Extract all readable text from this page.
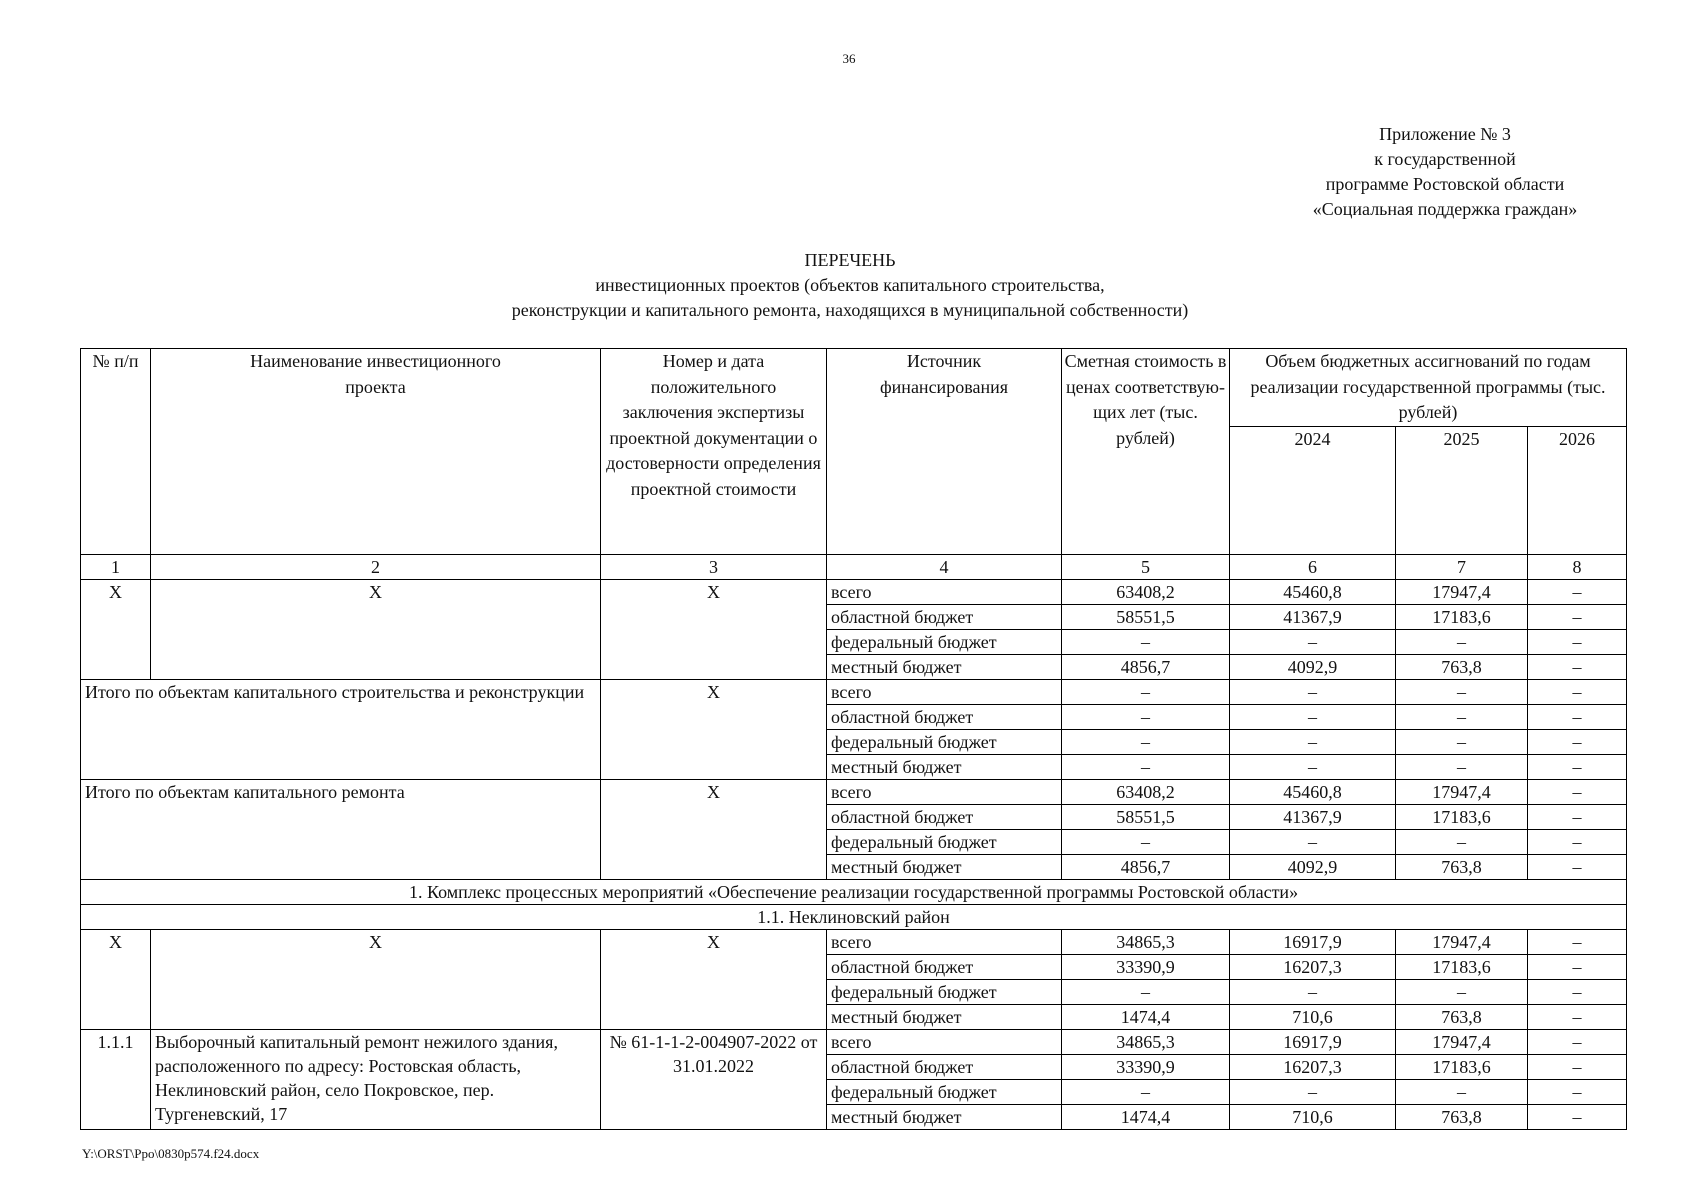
36
Приложение № 3
к государственной
программе Ростовской области
«Социальная поддержка граждан»
ПЕРЕЧЕНЬ
инвестиционных проектов (объектов капитального строительства,
реконструкции и капитального ремонта, находящихся в муниципальной собственности)
№ п/п	Наименование инвестиционного проекта	Номер и дата положительного заключения экспертизы проектной документации о достоверности определения проектной стоимости	Источник финансирования	Сметная стоимость в ценах соответствую-щих лет (тыс. рублей)	Объем бюджетных ассигнований по годам реализации государственной программы (тыс. рублей)		
					2024	2025	2026
1	2	3	4	5	6	7	8
X	X	X	всего	63408,2	45460,8	17947,4	–
			областной бюджет	58551,5	41367,9	17183,6	–
			федеральный бюджет	–	–	–	–
			местный бюджет	4856,7	4092,9	763,8	–
Итого по объектам капитального строительства и реконструкции		X	всего	–	–	–	–
			областной бюджет	–	–	–	–
			федеральный бюджет	–	–	–	–
			местный бюджет	–	–	–	–
Итого по объектам капитального ремонта		X	всего	63408,2	45460,8	17947,4	–
			областной бюджет	58551,5	41367,9	17183,6	–
			федеральный бюджет	–	–	–	–
			местный бюджет	4856,7	4092,9	763,8	–
1. Комплекс процессных мероприятий «Обеспечение реализации государственной программы Ростовской области»							
1.1. Неклиновский район							
X	X	X	всего	34865,3	16917,9	17947,4	–
			областной бюджет	33390,9	16207,3	17183,6	–
			федеральный бюджет	–	–	–	–
			местный бюджет	1474,4	710,6	763,8	–
1.1.1	Выборочный капитальный ремонт нежилого здания, расположенного по адресу: Ростовская область, Неклиновский район, село Покровское, пер. Тургеневский, 17	№ 61-1-1-2-004907-2022 от 31.01.2022	всего	34865,3	16917,9	17947,4	–
			областной бюджет	33390,9	16207,3	17183,6	–
			федеральный бюджет	–	–	–	–
			местный бюджет	1474,4	710,6	763,8	–
Y:\ORST\Ppo\0830p574.f24.docx
